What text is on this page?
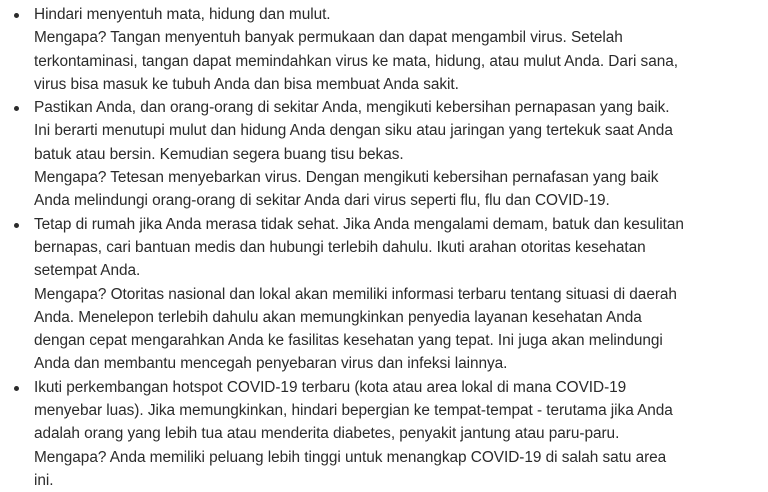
Hindari menyentuh mata, hidung dan mulut.
Mengapa? Tangan menyentuh banyak permukaan dan dapat mengambil virus. Setelah
terkontaminasi, tangan dapat memindahkan virus ke mata, hidung, atau mulut Anda. Dari sana,
virus bisa masuk ke tubuh Anda dan bisa membuat Anda sakit.
Pastikan Anda, dan orang-orang di sekitar Anda, mengikuti kebersihan pernapasan yang baik.
Ini berarti menutupi mulut dan hidung Anda dengan siku atau jaringan yang tertekuk saat Anda
batuk atau bersin. Kemudian segera buang tisu bekas.
Mengapa? Tetesan menyebarkan virus. Dengan mengikuti kebersihan pernafasan yang baik
Anda melindungi orang-orang di sekitar Anda dari virus seperti flu, flu dan COVID-19.
Tetap di rumah jika Anda merasa tidak sehat. Jika Anda mengalami demam, batuk dan kesulitan
bernapas, cari bantuan medis dan hubungi terlebih dahulu. Ikuti arahan otoritas kesehatan
setempat Anda.
Mengapa? Otoritas nasional dan lokal akan memiliki informasi terbaru tentang situasi di daerah
Anda. Menelepon terlebih dahulu akan memungkinkan penyedia layanan kesehatan Anda
dengan cepat mengarahkan Anda ke fasilitas kesehatan yang tepat. Ini juga akan melindungi
Anda dan membantu mencegah penyebaran virus dan infeksi lainnya.
Ikuti perkembangan hotspot COVID-19 terbaru (kota atau area lokal di mana COVID-19
menyebar luas). Jika memungkinkan, hindari bepergian ke tempat-tempat - terutama jika Anda
adalah orang yang lebih tua atau menderita diabetes, penyakit jantung atau paru-paru.
Mengapa? Anda memiliki peluang lebih tinggi untuk menangkap COVID-19 di salah satu area
ini.
